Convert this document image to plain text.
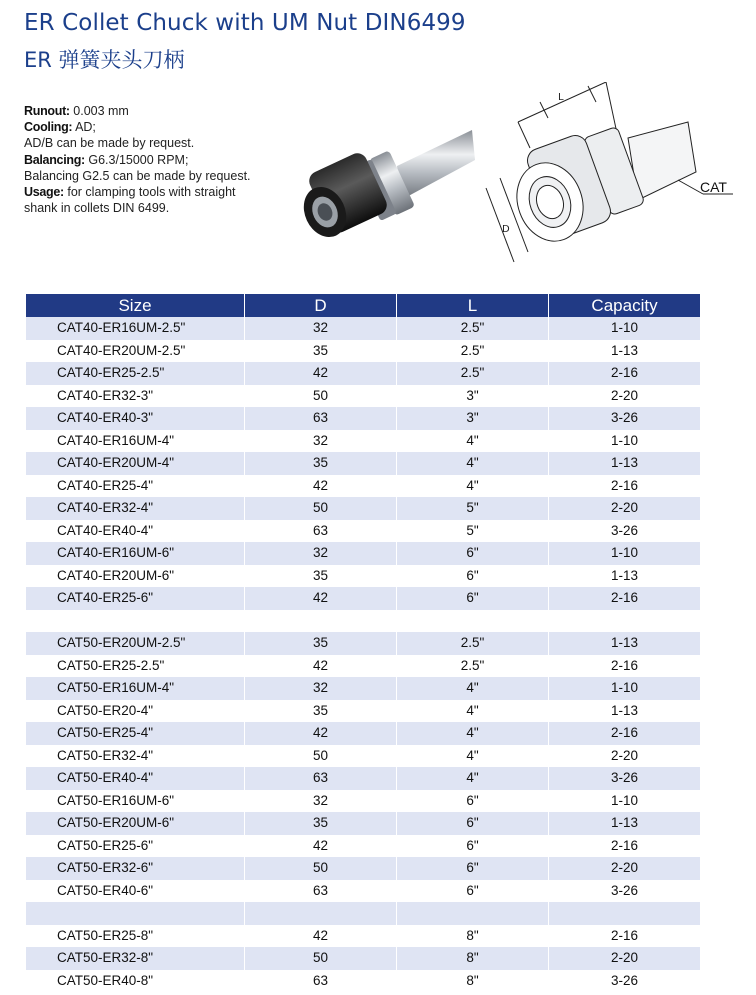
ER Collet Chuck with UM Nut DIN6499
ER 弹簧夹头刀柄
Runout: 0.003 mm
Cooling: AD;
AD/B can be made by request.
Balancing: G6.3/15000 RPM;
Balancing G2.5 can be made by request.
Usage: for clamping tools with straight
shank in collets DIN 6499.
L
D
CAT
Size	D	L	Capacity
CAT40-ER16UM-2.5"	32	2.5"	1-10
CAT40-ER20UM-2.5"	35	2.5"	1-13
CAT40-ER25-2.5"	42	2.5"	2-16
CAT40-ER32-3"	50	3"	2-20
CAT40-ER40-3"	63	3"	3-26
CAT40-ER16UM-4"	32	4"	1-10
CAT40-ER20UM-4"	35	4"	1-13
CAT40-ER25-4"	42	4"	2-16
CAT40-ER32-4"	50	5"	2-20
CAT40-ER40-4"	63	5"	3-26
CAT40-ER16UM-6"	32	6"	1-10
CAT40-ER20UM-6"	35	6"	1-13
CAT40-ER25-6"	42	6"	2-16

CAT50-ER20UM-2.5"	35	2.5"	1-13
CAT50-ER25-2.5"	42	2.5"	2-16
CAT50-ER16UM-4"	32	4"	1-10
CAT50-ER20-4"	35	4"	1-13
CAT50-ER25-4"	42	4"	2-16
CAT50-ER32-4"	50	4"	2-20
CAT50-ER40-4"	63	4"	3-26
CAT50-ER16UM-6"	32	6"	1-10
CAT50-ER20UM-6"	35	6"	1-13
CAT50-ER25-6"	42	6"	2-16
CAT50-ER32-6"	50	6"	2-20
CAT50-ER40-6"	63	6"	3-26

CAT50-ER25-8"	42	8"	2-16
CAT50-ER32-8"	50	8"	2-20
CAT50-ER40-8"	63	8"	3-26
